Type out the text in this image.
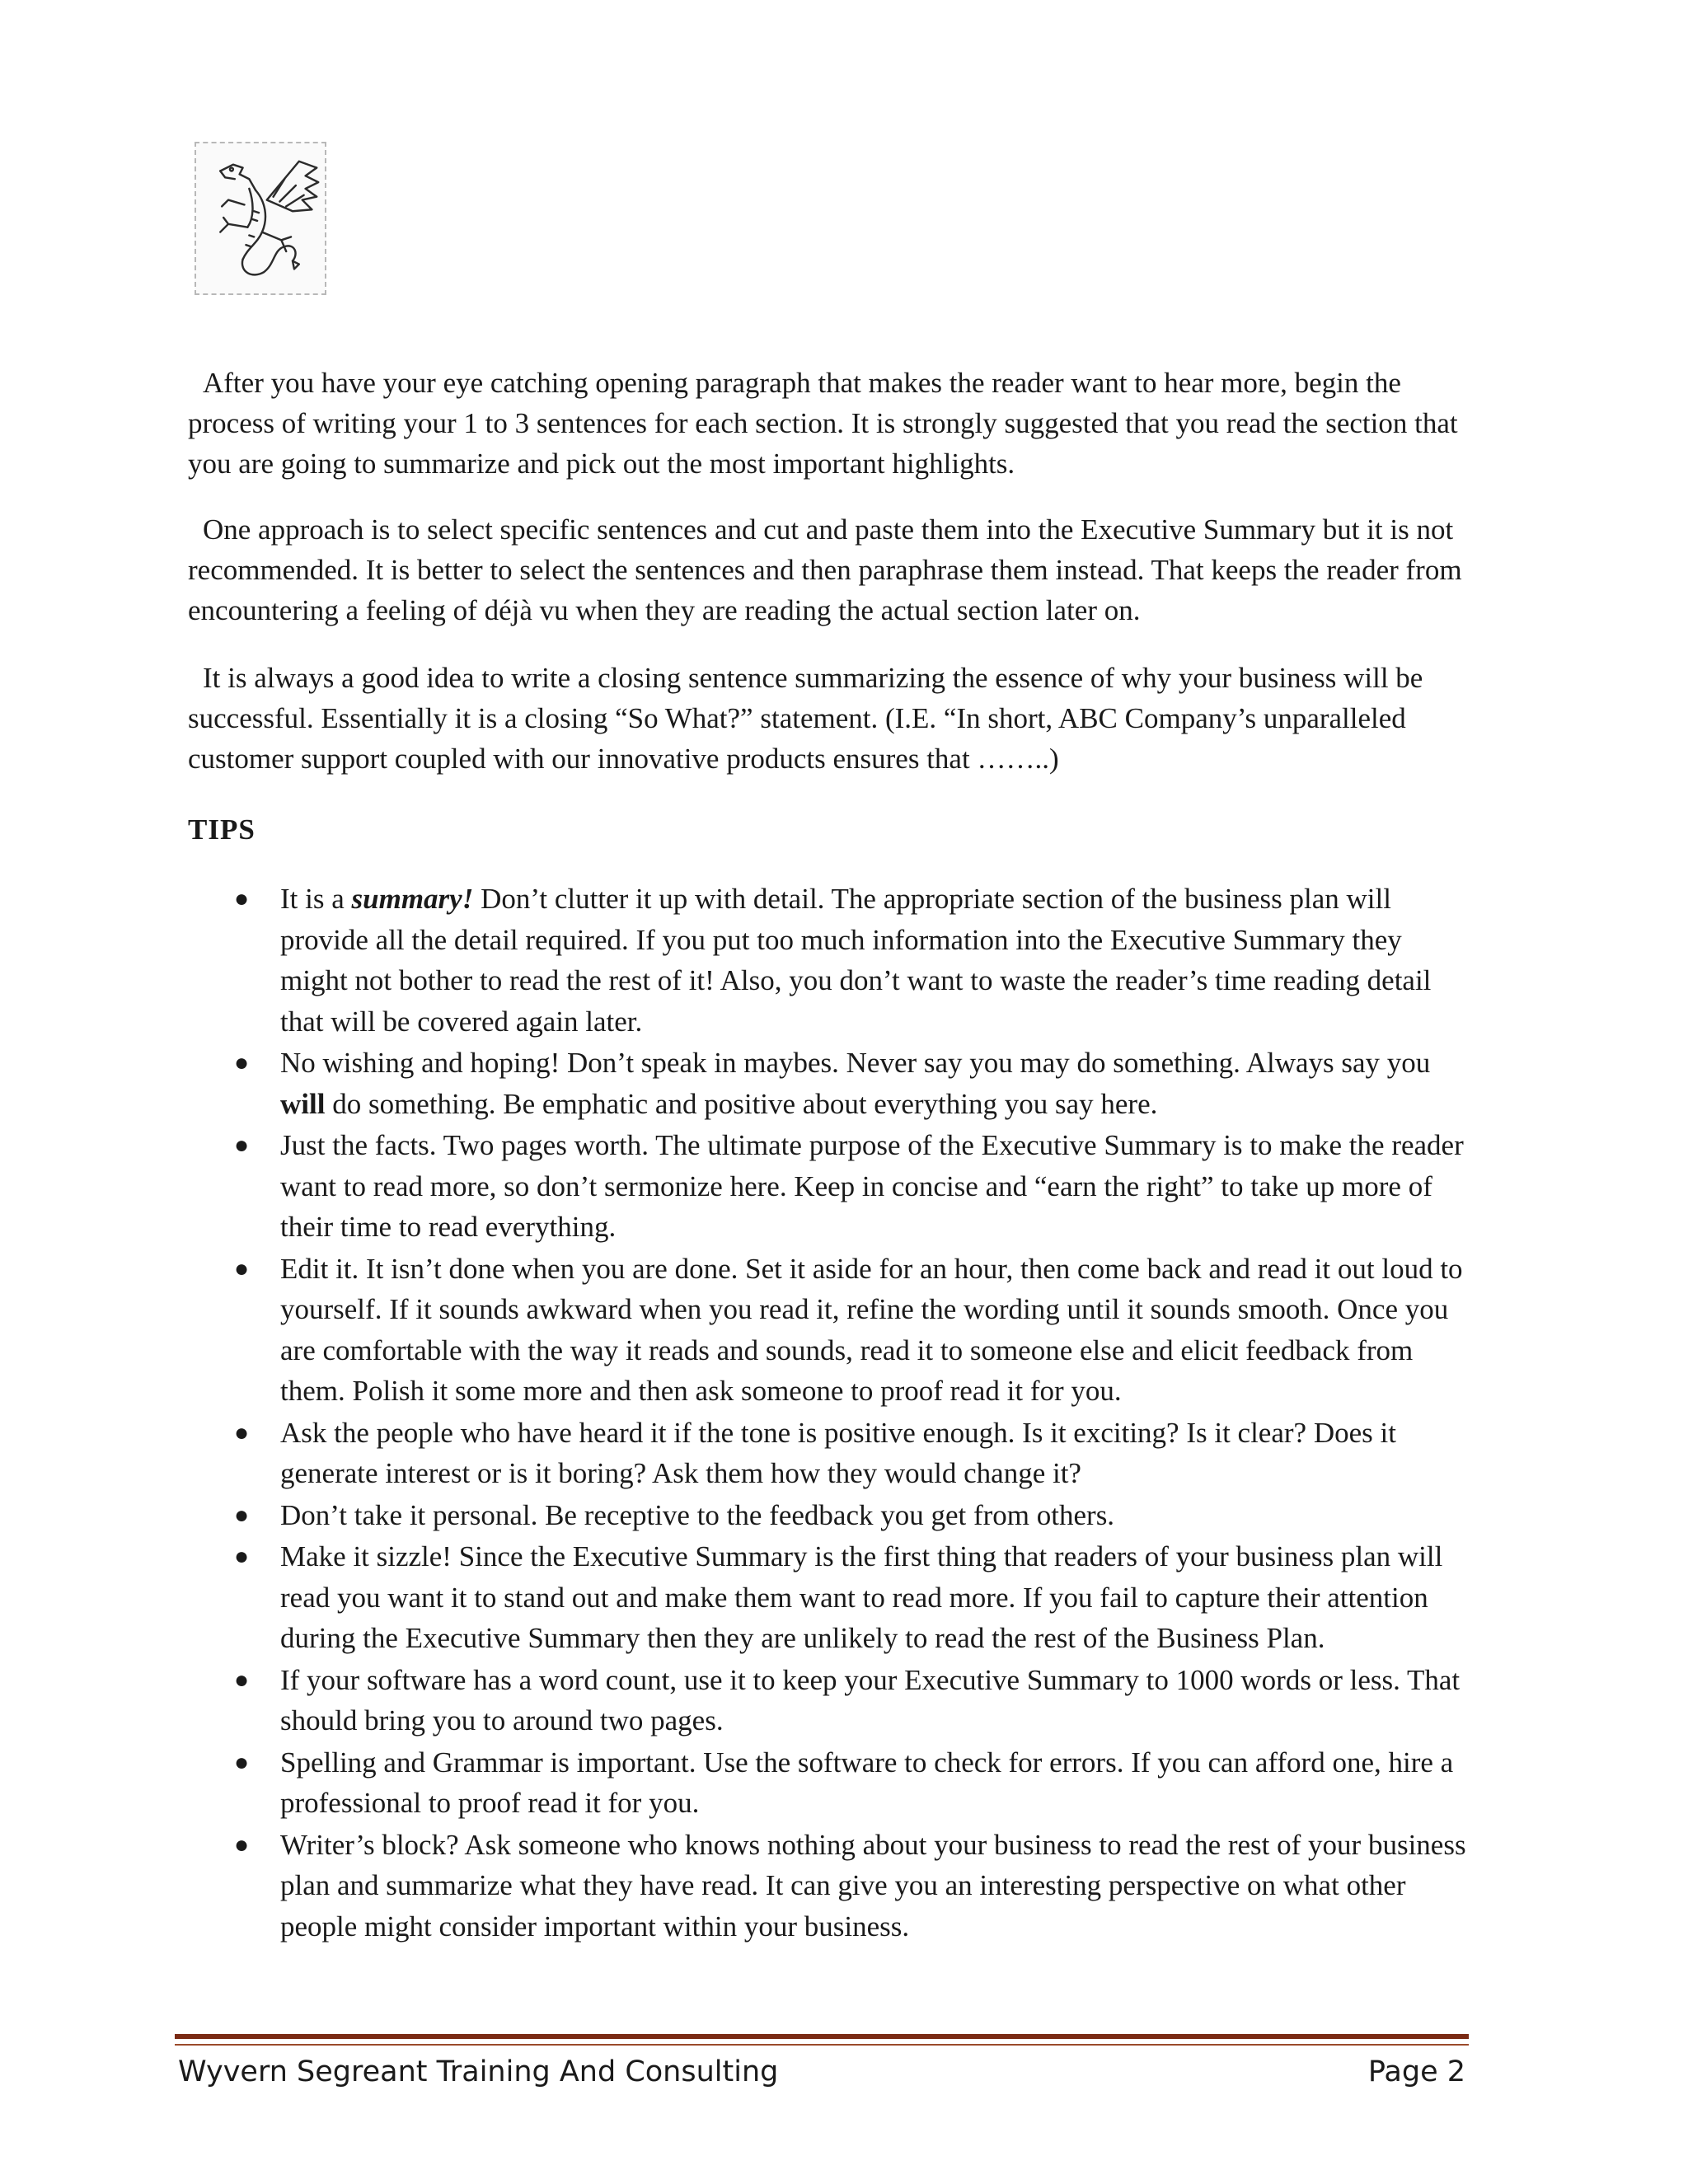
After you have your eye catching opening paragraph that makes the reader want to hear more, begin the process of writing your 1 to 3 sentences for each section. It is strongly suggested that you read the section that you are going to summarize and pick out the most important highlights.

One approach is to select specific sentences and cut and paste them into the Executive Summary but it is not recommended. It is better to select the sentences and then paraphrase them instead. That keeps the reader from encountering a feeling of déjà vu when they are reading the actual section later on.

It is always a good idea to write a closing sentence summarizing the essence of why your business will be successful. Essentially it is a closing “So What?” statement. (I.E. “In short, ABC Company’s unparalleled customer support coupled with our innovative products ensures that ……..)

TIPS
● It is a summary! Don’t clutter it up with detail. The appropriate section of the business plan will provide all the detail required. If you put too much information into the Executive Summary they might not bother to read the rest of it! Also, you don’t want to waste the reader’s time reading detail that will be covered again later.
● No wishing and hoping! Don’t speak in maybes. Never say you may do something. Always say you will do something. Be emphatic and positive about everything you say here.
● Just the facts. Two pages worth. The ultimate purpose of the Executive Summary is to make the reader want to read more, so don’t sermonize here. Keep in concise and “earn the right” to take up more of their time to read everything.
● Edit it. It isn’t done when you are done. Set it aside for an hour, then come back and read it out loud to yourself. If it sounds awkward when you read it, refine the wording until it sounds smooth. Once you are comfortable with the way it reads and sounds, read it to someone else and elicit feedback from them. Polish it some more and then ask someone to proof read it for you.
● Ask the people who have heard it if the tone is positive enough. Is it exciting? Is it clear? Does it generate interest or is it boring? Ask them how they would change it?
● Don’t take it personal. Be receptive to the feedback you get from others.
● Make it sizzle! Since the Executive Summary is the first thing that readers of your business plan will read you want it to stand out and make them want to read more. If you fail to capture their attention during the Executive Summary then they are unlikely to read the rest of the Business Plan.
● If your software has a word count, use it to keep your Executive Summary to 1000 words or less. That should bring you to around two pages.
● Spelling and Grammar is important. Use the software to check for errors. If you can afford one, hire a professional to proof read it for you.
● Writer’s block? Ask someone who knows nothing about your business to read the rest of your business plan and summarize what they have read. It can give you an interesting perspective on what other people might consider important within your business.
Wyvern Segreant Training And Consulting	Page 2
